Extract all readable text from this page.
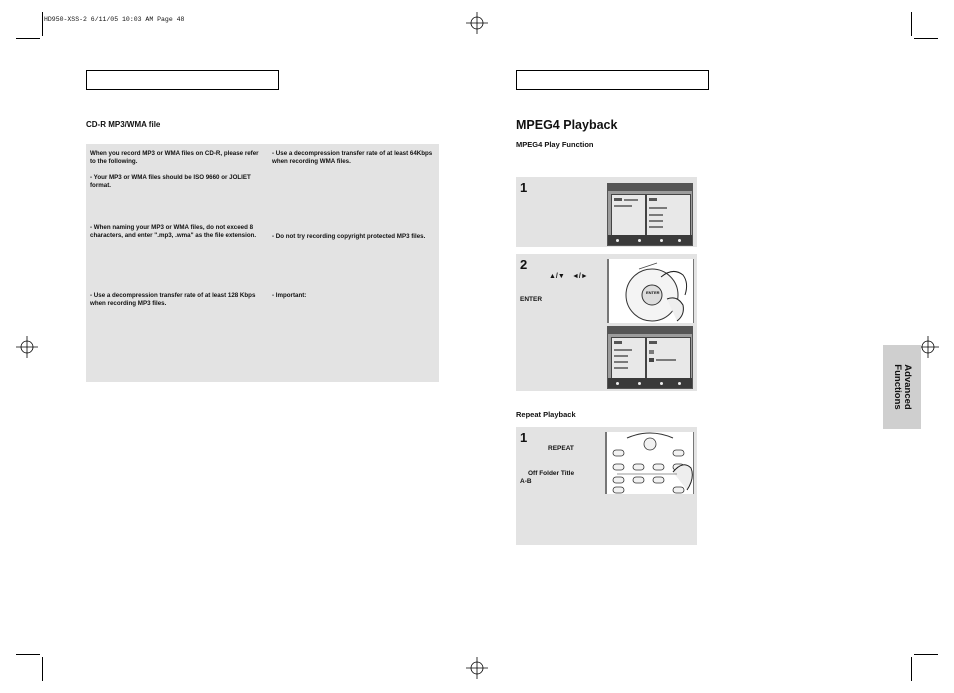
HD950-XSS-2 6/11/05 10:03 AM Page 48
CD-R MP3/WMA file
When you record MP3 or WMA files on CD-R, please refer to the following.
- Your MP3 or WMA files should be ISO 9660 or JOLIET format.
- When naming your MP3 or WMA files, do not exceed 8 characters, and enter ".mp3, .wma" as the file extension.
- Use a decompression transfer rate of at least 128 Kbps when recording MP3 files.
- Use a decompression transfer rate of at least 64Kbps when recording WMA files.
- Do not try recording copyright protected MP3 files.
- Important:
MPEG4 Playback
MPEG4 Play Function
1
2
▲/▼ ◄/►
ENTER
ENTER
Repeat Playback
1
REPEAT
Off Folder Title
A-B
Advanced
Functions
